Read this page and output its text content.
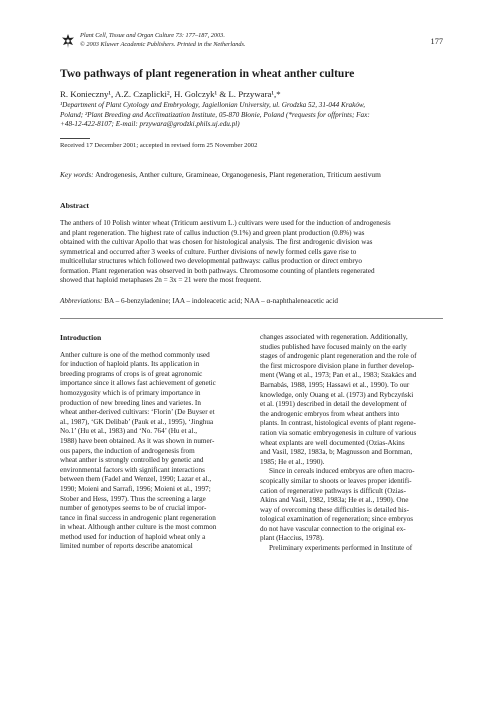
Plant Cell, Tissue and Organ Culture 73: 177–187, 2003.
© 2003 Kluwer Academic Publishers. Printed in the Netherlands.	177
Two pathways of plant regeneration in wheat anther culture
R. Konieczny¹, A.Z. Czaplicki², H. Golczyk¹ & L. Przywara¹,*
¹Department of Plant Cytology and Embryology, Jagiellonian University, ul. Grodzka 52, 31-044 Kraków,
Poland; ²Plant Breeding and Acclimatization Institute, 05-870 Błonie, Poland (*requests for offprints; Fax:
+48-12-422-8107; E-mail: przywara@grodzki.phils.uj.edu.pl)
Received 17 December 2001; accepted in revised form 25 November 2002
Key words: Androgenesis, Anther culture, Gramineae, Organogenesis, Plant regeneration, Triticum aestivum
Abstract
The anthers of 10 Polish winter wheat (Triticum aestivum L.) cultivars were used for the induction of androgenesis
and plant regeneration. The highest rate of callus induction (9.1%) and green plant production (0.8%) was
obtained with the cultivar Apollo that was chosen for histological analysis. The first androgenic division was
symmetrical and occurred after 3 weeks of culture. Further divisions of newly formed cells gave rise to
multicellular structures which followed two developmental pathways: callus production or direct embryo
formation. Plant regeneration was observed in both pathways. Chromosome counting of plantlets regenerated
showed that haploid metaphases 2n = 3x = 21 were the most frequent.
Abbreviations: BA – 6-benzyladenine; IAA – indoleacetic acid; NAA – α-naphthaleneacetic acid
Introduction
Anther culture is one of the method commonly used
for induction of haploid plants. Its application in
breeding programs of crops is of great agronomic
importance since it allows fast achievement of genetic
homozygosity which is of primary importance in
production of new breeding lines and varietes. In
wheat anther-derived cultivars: ‘Florin’ (De Buyser et
al., 1987), ‘GK Delibab’ (Pauk et al., 1995), ‘Jinghua
No.1’ (Hu et al., 1983) and ‘No. 764’ (Hu et al.,
1988) have been obtained. As it was shown in numer-
ous papers, the induction of androgenesis from
wheat anther is strongly controlled by genetic and
environmental factors with significant interactions
between them (Fadel and Wenzel, 1990; Lazar et al.,
1990; Moieni and Sarrafi, 1996; Moieni et al., 1997;
Stober and Hess, 1997). Thus the screening a large
number of genotypes seems to be of crucial impor-
tance in final success in androgenic plant regeneration
in wheat. Although anther culture is the most common
method used for induction of haploid wheat only a
limited number of reports describe anatomical
changes associated with regeneration. Additionally,
studies published have focused mainly on the early
stages of androgenic plant regeneration and the role of
the first microspore division plane in further develop-
ment (Wang et al., 1973; Pan et al., 1983; Szakács and
Barnabás, 1988, 1995; Hassawi et al., 1990). To our
knowledge, only Ouang et al. (1973) and Rybczyński
et al. (1991) described in detail the development of
the androgenic embryos from wheat anthers into
plants. In contrast, histological events of plant regene-
ration via somatic embryogenesis in culture of various
wheat explants are well documented (Ozias-Akins
and Vasil, 1982, 1983a, b; Magnusson and Bornman,
1985; He et al., 1990).
Since in cereals induced embryos are often macro-
scopically similar to shoots or leaves proper identifi-
cation of regenerative pathways is difficult (Ozias-
Akins and Vasil, 1982, 1983a; He et al., 1990). One
way of overcoming these difficulties is detailed his-
tological examination of regeneration; since embryos
do not have vascular connection to the original ex-
plant (Haccius, 1978).
Preliminary experiments performed in Institute of
